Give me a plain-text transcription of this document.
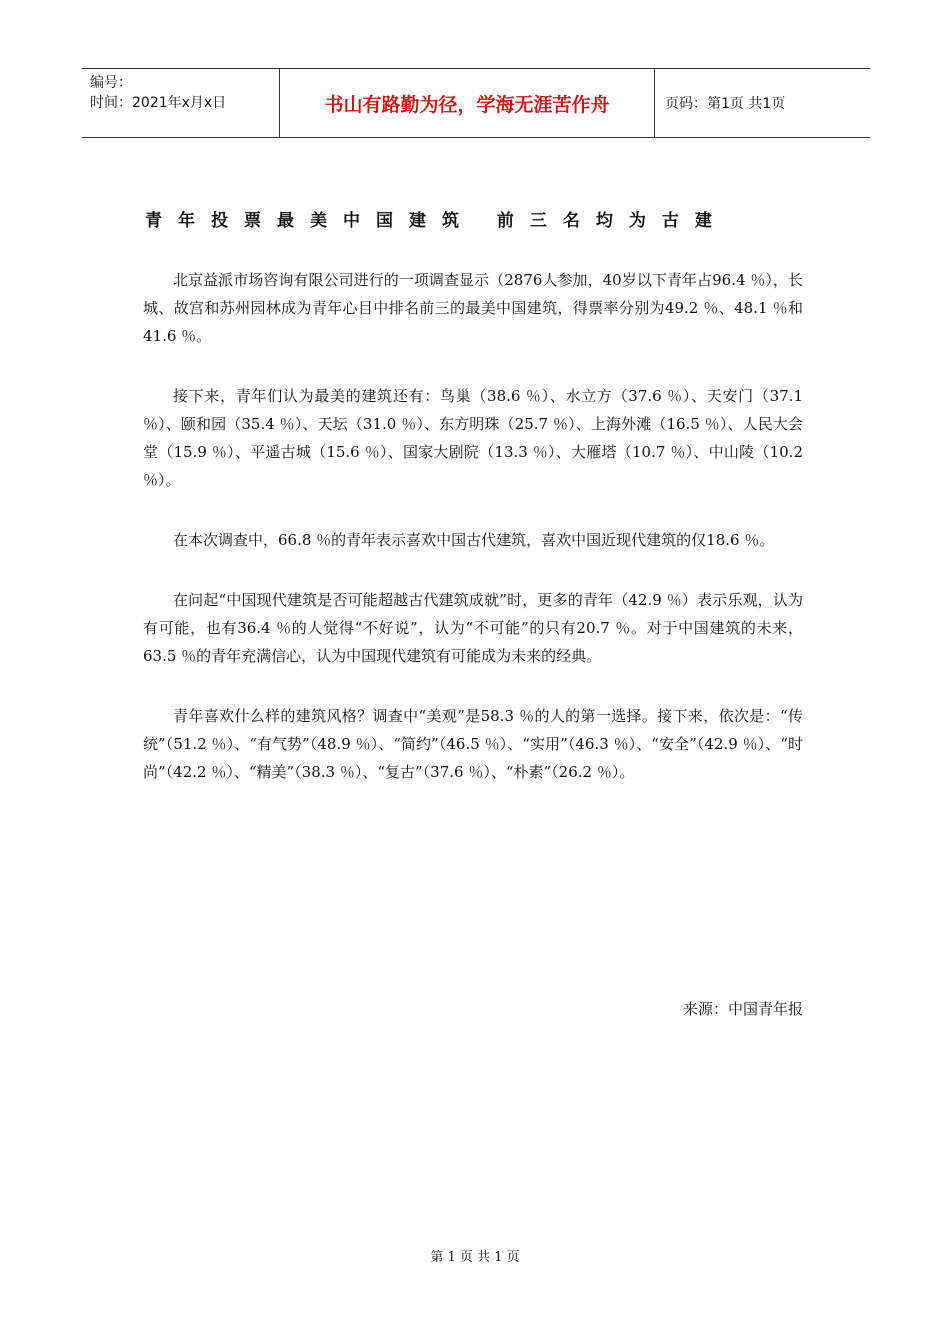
编号：
时间：2021年x月x日	书山有路勤为径，学海无涯苦作舟	页码：第1页 共1页
青年投票最美中国建筑 前三名均为古建

北京益派市场咨询有限公司进行的一项调查显示（2876人参加，40岁以下青年占96.4 ％），长城、故宫和苏州园林成为青年心目中排名前三的最美中国建筑，得票率分别为49.2 ％、48.1 ％和41.6 ％。

接下来，青年们认为最美的建筑还有：鸟巢（38.6 ％）、水立方（37.6 ％）、天安门（37.1 ％）、颐和园（35.4 ％）、天坛（31.0 ％）、东方明珠（25.7 ％）、上海外滩（16.5 ％）、人民大会堂（15.9 ％）、平遥古城（15.6 ％）、国家大剧院（13.3 ％）、大雁塔（10.7 ％）、中山陵（10.2 ％）。

在本次调查中，66.8 ％的青年表示喜欢中国古代建筑，喜欢中国近现代建筑的仅18.6 ％。

在问起“中国现代建筑是否可能超越古代建筑成就”时，更多的青年（42.9 ％）表示乐观，认为有可能，也有36.4 ％的人觉得“不好说”，认为“不可能”的只有20.7 ％。对于中国建筑的未来，63.5 ％的青年充满信心，认为中国现代建筑有可能成为未来的经典。

青年喜欢什么样的建筑风格？调查中“美观”是58.3 ％的人的第一选择。接下来，依次是：“传统”（51.2 ％）、“有气势”（48.9 ％）、“简约”（46.5 ％）、“实用”（46.3 ％）、“安全”（42.9 ％）、“时尚”（42.2 ％）、“精美”（38.3 ％）、“复古”（37.6 ％）、“朴素”（26.2 ％）。

来源：中国青年报
第 1 页 共 1 页
